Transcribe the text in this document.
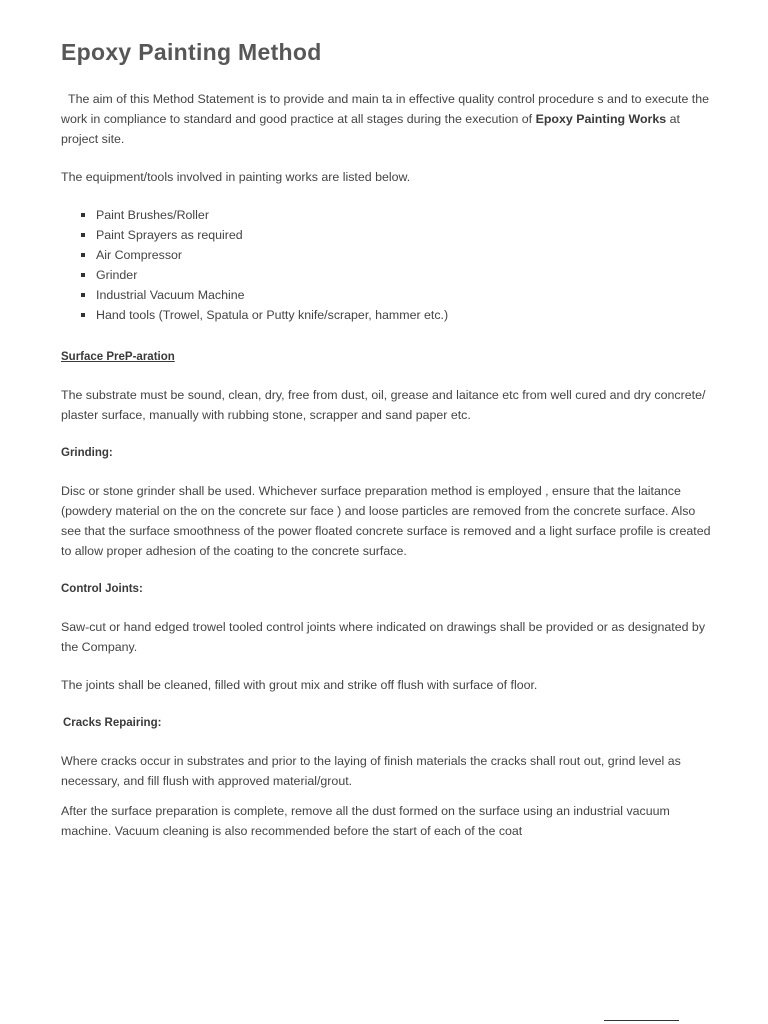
Epoxy Painting Method

The aim of this Method Statement is to provide and main ta in effective quality control procedure s and to execute the work in compliance to standard and good practice at all stages during the execution of Epoxy Painting Works at project site.

The equipment/tools involved in painting works are listed below.

Paint Brushes/Roller
Paint Sprayers as required
Air Compressor
Grinder
Industrial Vacuum Machine
Hand tools (Trowel, Spatula or Putty knife/scraper, hammer etc.)
Surface PreP-aration

The substrate must be sound, clean, dry, free from dust, oil, grease and laitance etc from well cured and dry concrete/ plaster surface, manually with rubbing stone, scrapper and sand paper etc.

Grinding:

Disc or stone grinder shall be used. Whichever surface preparation method is employed , ensure that the laitance (powdery material on the on the concrete sur face ) and loose particles are removed from the concrete surface. Also see that the surface smoothness of the power floated concrete surface is removed and a light surface profile is created to allow proper adhesion of the coating to the concrete surface.

Control Joints:

Saw-cut or hand edged trowel tooled control joints where indicated on drawings shall be provided or as designated by the Company.

The joints shall be cleaned, filled with grout mix and strike off flush with surface of floor.

Cracks Repairing:

Where cracks occur in substrates and prior to the laying of finish materials the cracks shall rout out, grind level as necessary, and fill flush with approved material/grout.

After the surface preparation is complete, remove all the dust formed on the surface using an industrial vacuum machine. Vacuum cleaning is also recommended before the start of each of the coat
